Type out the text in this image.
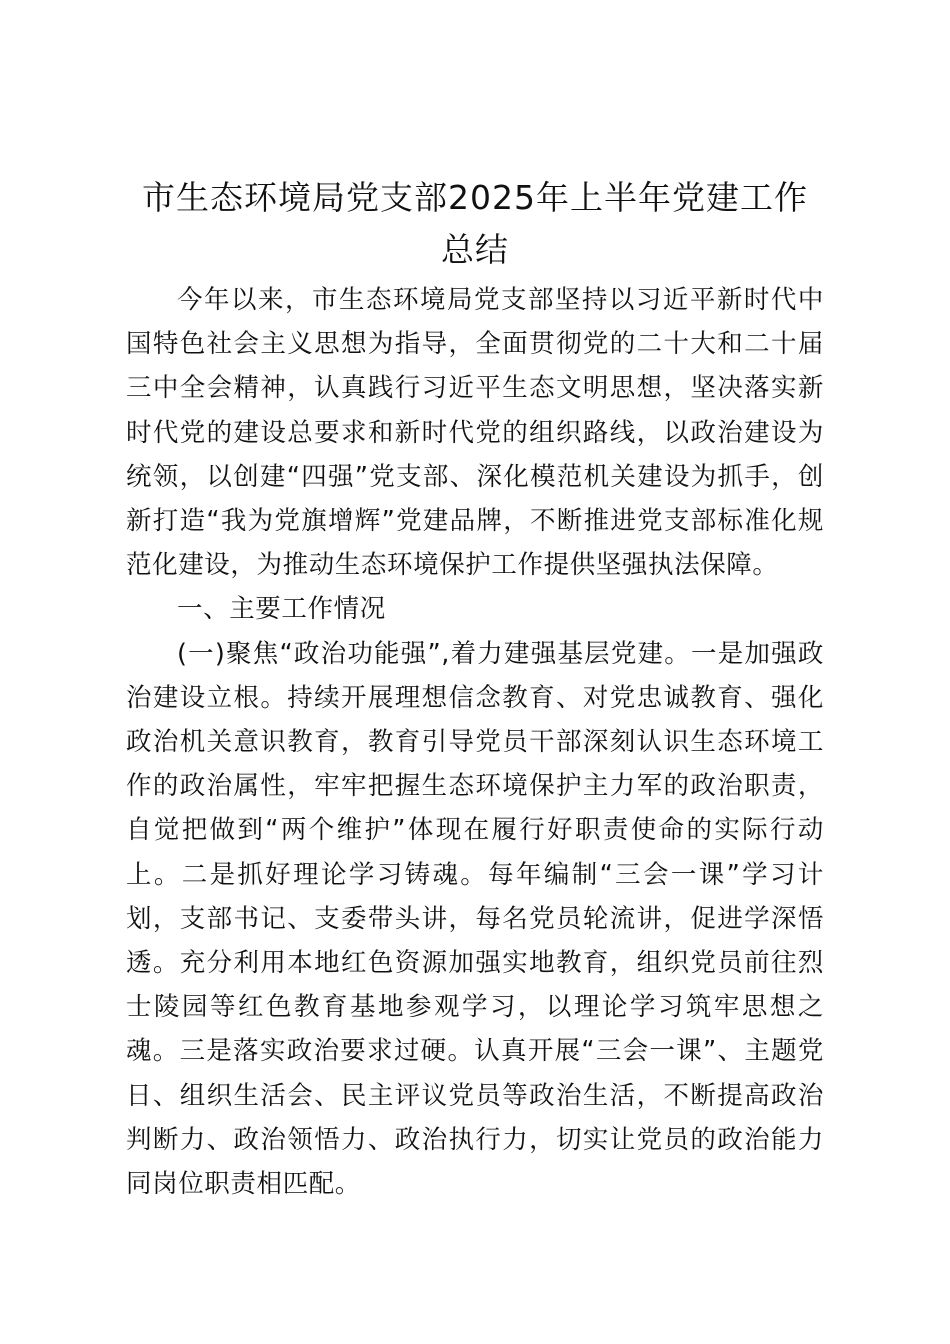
市生态环境局党支部2025年上半年党建工作
总结

今年以来，市生态环境局党支部坚持以习近平新时代中国特色社会主义思想为指导，全面贯彻党的二十大和二十届三中全会精神，认真践行习近平生态文明思想，坚决落实新时代党的建设总要求和新时代党的组织路线，以政治建设为统领，以创建“四强”党支部、深化模范机关建设为抓手，创新打造“我为党旗增辉”党建品牌，不断推进党支部标准化规范化建设，为推动生态环境保护工作提供坚强执法保障。

一、主要工作情况

(一)聚焦“政治功能强”,着力建强基层党建。一是加强政治建设立根。持续开展理想信念教育、对党忠诚教育、强化政治机关意识教育，教育引导党员干部深刻认识生态环境工作的政治属性，牢牢把握生态环境保护主力军的政治职责，自觉把做到“两个维护”体现在履行好职责使命的实际行动上。二是抓好理论学习铸魂。每年编制“三会一课”学习计划，支部书记、支委带头讲，每名党员轮流讲，促进学深悟透。充分利用本地红色资源加强实地教育，组织党员前往烈士陵园等红色教育基地参观学习，以理论学习筑牢思想之魂。三是落实政治要求过硬。认真开展“三会一课”、主题党日、组织生活会、民主评议党员等政治生活，不断提高政治判断力、政治领悟力、政治执行力，切实让党员的政治能力同岗位职责相匹配。
